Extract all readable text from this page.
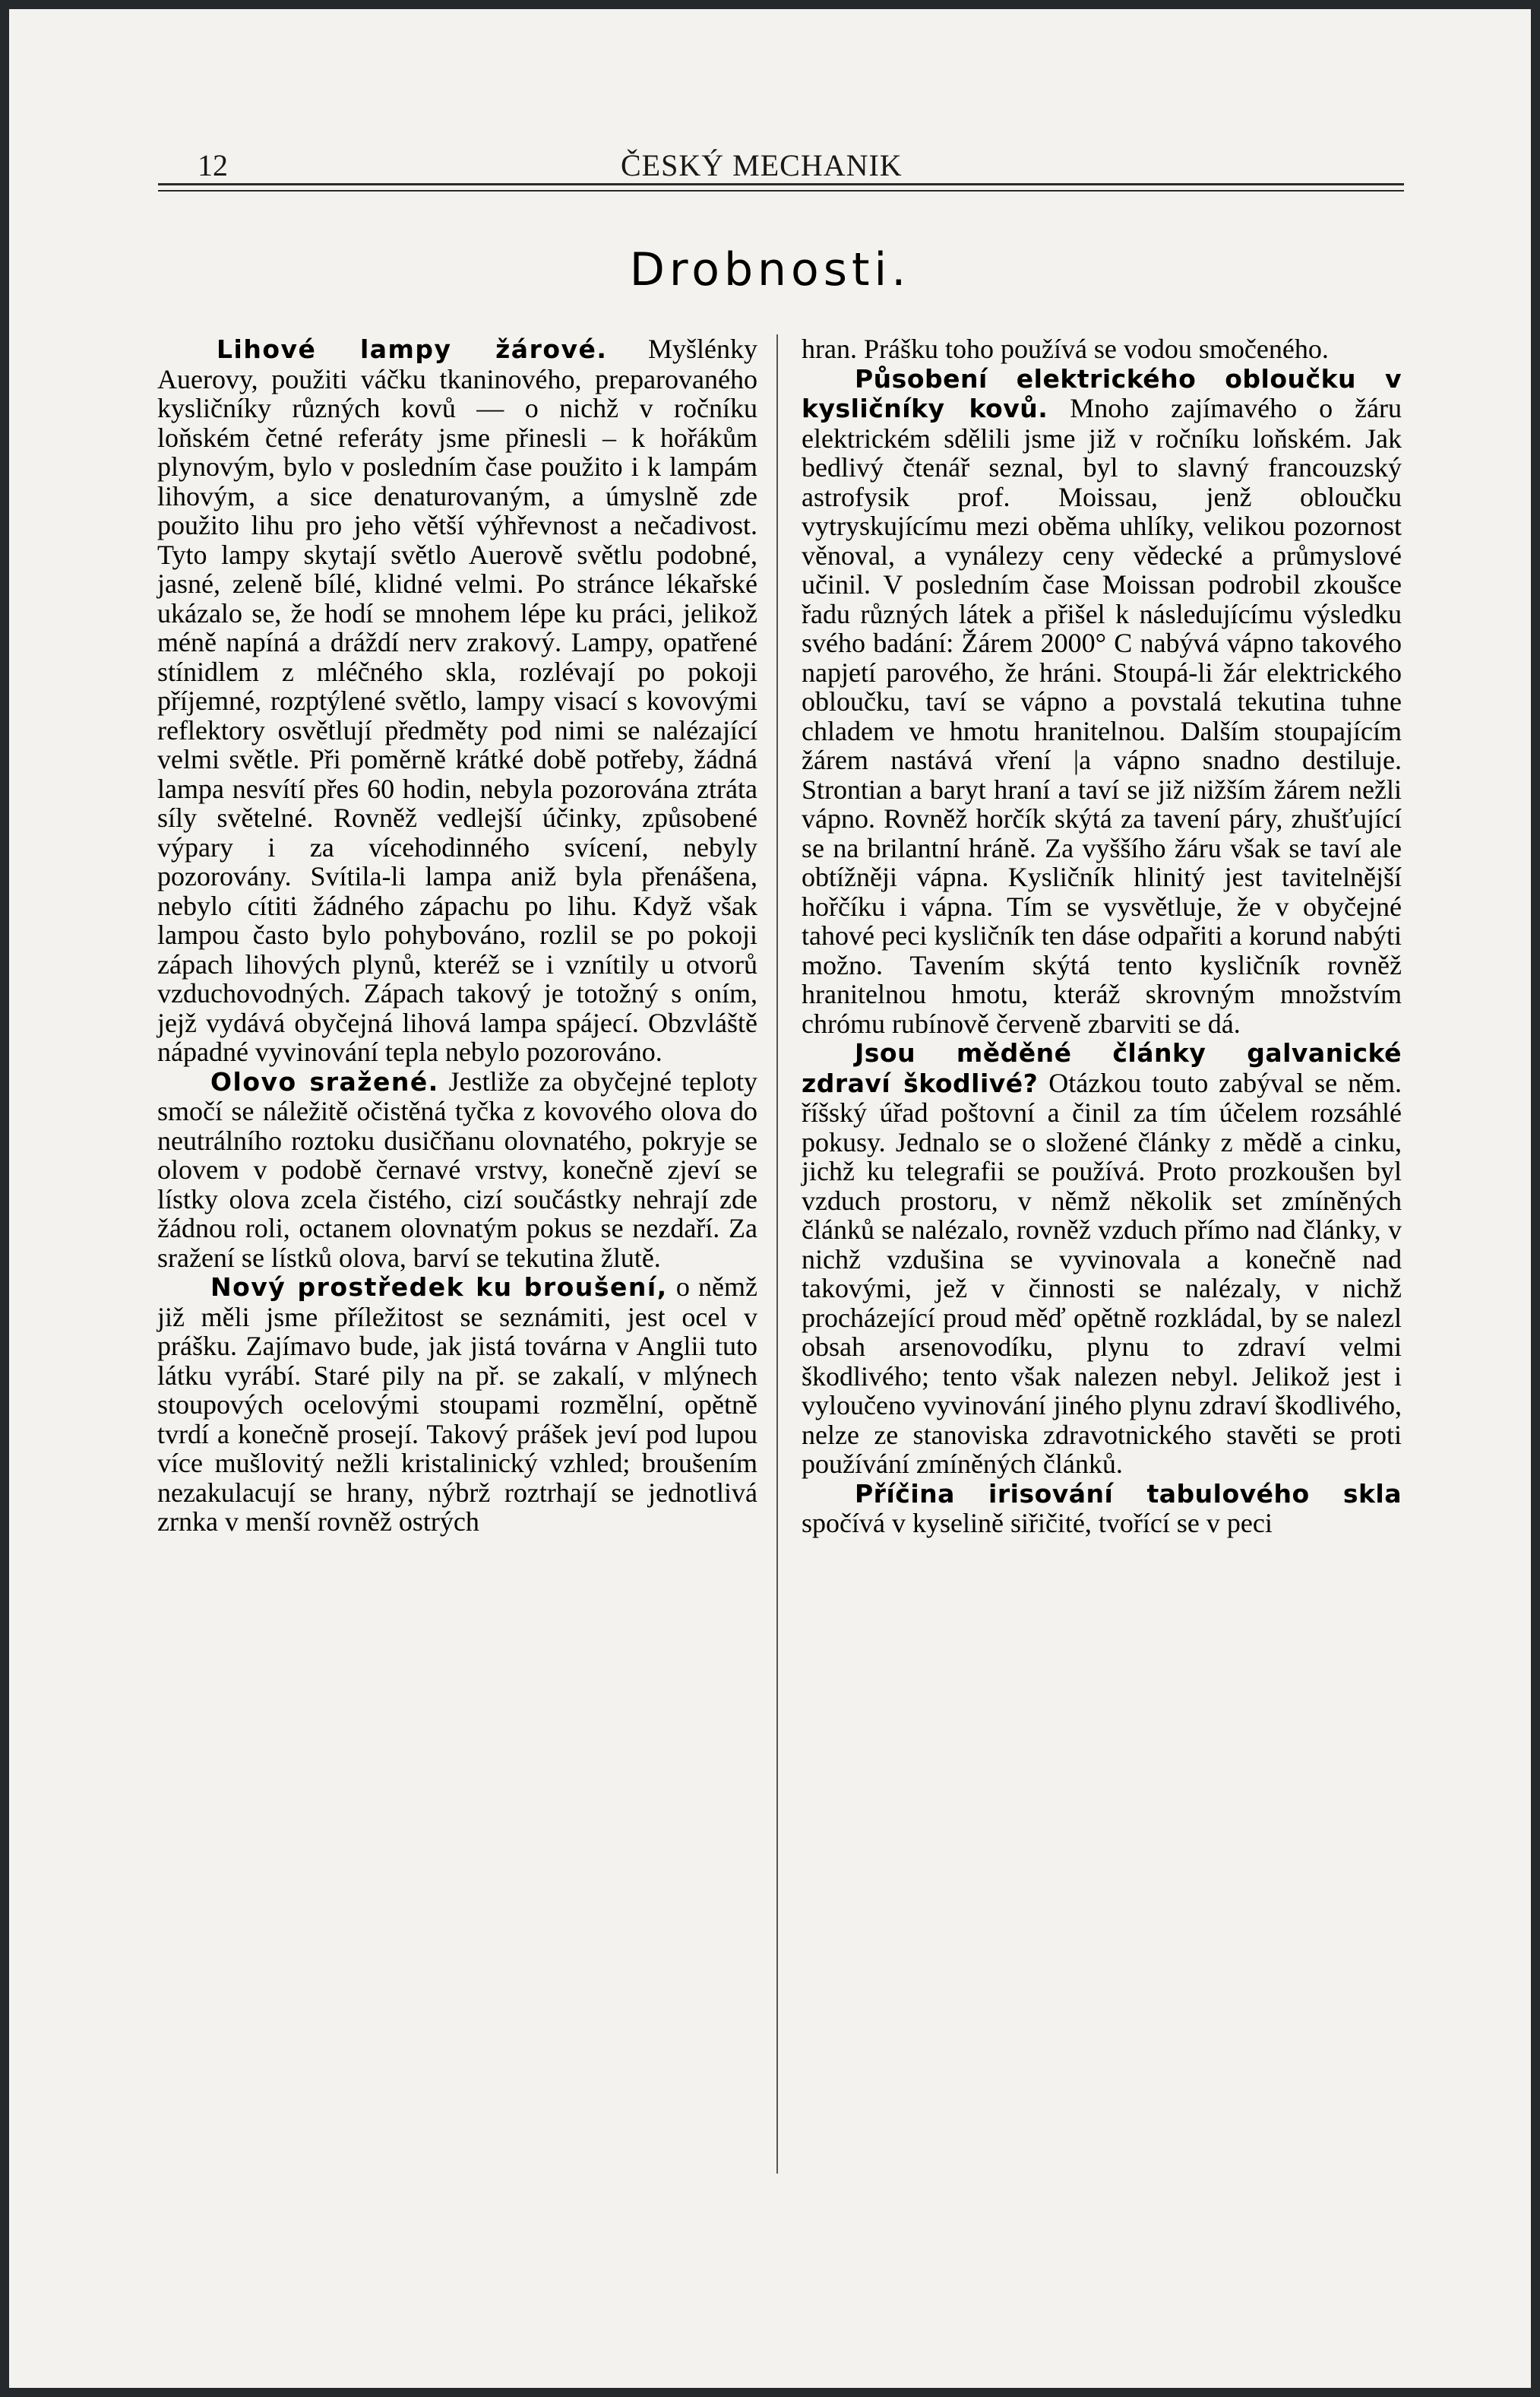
12	ČESKÝ MECHANIK
Drobnosti.

Lihové lampy žárové. Myšlénky Auerovy, použiti váčku tkaninového, preparovaného kysličníky různých kovů — o nichž v ročníku loňském četné referáty jsme přinesli – k hořákům plynovým, bylo v posledním čase použito i k lampám lihovým, a sice denaturovaným, a úmyslně zde použito lihu pro jeho větší výhřevnost a nečadivost. Tyto lampy skytají světlo Auerově světlu podobné, jasné, zeleně bílé, klidné velmi. Po stránce lékařské ukázalo se, že hodí se mnohem lépe ku práci, jelikož méně napíná a dráždí nerv zrakový. Lampy, opatřené stínidlem z mléčného skla, rozlévají po pokoji příjemné, rozptýlené světlo, lampy visací s kovovými reflektory osvětlují předměty pod nimi se nalézající velmi světle. Při poměrně krátké době potřeby, žádná lampa nesvítí přes 60 hodin, nebyla pozorována ztráta síly světelné. Rovněž vedlejší účinky, způsobené výpary i za vícehodinného svícení, nebyly pozorovány. Svítila-li lampa aniž byla přenášena, nebylo cítiti žádného zápachu po lihu. Když však lampou často bylo pohybováno, rozlil se po pokoji zápach lihových plynů, kteréž se i vznítily u otvorů vzduchovodných. Zápach takový je totožný s oním, jejž vydává obyčejná lihová lampa spájecí. Obzvláště nápadné vyvinování tepla nebylo pozorováno.

Olovo sražené. Jestliže za obyčejné teploty smočí se náležitě očistěná tyčka z kovového olova do neutrálního roztoku dusičňanu olovnatého, pokryje se olovem v podobě černavé vrstvy, konečně zjeví se lístky olova zcela čistého, cizí součástky nehrají zde žádnou roli, octanem olovnatým pokus se nezdaří. Za sražení se lístků olova, barví se tekutina žlutě.

Nový prostředek ku broušení, o němž již měli jsme příležitost se seznámiti, jest ocel v prášku. Zajímavo bude, jak jistá továrna v Anglii tuto látku vyrábí. Staré pily na př. se zakalí, v mlýnech stoupových ocelovými stoupami rozmělní, opětně tvrdí a konečně prosejí. Takový prášek jeví pod lupou více mušlovitý nežli kristalinický vzhled; broušením nezakulacují se hrany, nýbrž roztrhají se jednotlivá zrnka v menší rovněž ostrých

hran. Prášku toho používá se vodou smočeného.

Působení elektrického obloučku v kysličníky kovů. Mnoho zajímavého o žáru elektrickém sdělili jsme již v ročníku loňském. Jak bedlivý čtenář seznal, byl to slavný francouzský astrofysik prof. Moissau, jenž obloučku vytryskujícímu mezi oběma uhlíky, velikou pozornost věnoval, a vynálezy ceny vědecké a průmyslové učinil. V posledním čase Moissan podrobil zkoušce řadu různých látek a přišel k následujícímu výsledku svého badání: Žárem 2000° C nabývá vápno takového napjetí parového, že hráni. Stoupá-li žár elektrického obloučku, taví se vápno a povstalá tekutina tuhne chladem ve hmotu hranitelnou. Dalším stoupajícím žárem nastává vření |a vápno snadno destiluje. Strontian a baryt hraní a taví se již nižším žárem nežli vápno. Rovněž horčík skýtá za tavení páry, zhušťující se na brilantní hráně. Za vyššího žáru však se taví ale obtížněji vápna. Kysličník hlinitý jest tavitelnější hořčíku i vápna. Tím se vysvětluje, že v obyčejné tahové peci kysličník ten dáse odpařiti a korund nabýti možno. Tavením skýtá tento kysličník rovněž hranitelnou hmotu, kteráž skrovným množstvím chrómu rubínově červeně zbarviti se dá.

Jsou měděné články galvanické zdraví škodlivé? Otázkou touto zabýval se něm. říšský úřad poštovní a činil za tím účelem rozsáhlé pokusy. Jednalo se o složené články z mědě a cinku, jichž ku telegrafii se používá. Proto prozkoušen byl vzduch prostoru, v němž několik set zmíněných článků se nalézalo, rovněž vzduch přímo nad články, v nichž vzdušina se vyvinovala a konečně nad takovými, jež v činnosti se nalézaly, v nichž procházející proud měď opětně rozkládal, by se nalezl obsah arsenovodíku, plynu to zdraví velmi škodlivého; tento však nalezen nebyl. Jelikož jest i vyloučeno vyvinování jiného plynu zdraví škodlivého, nelze ze stanoviska zdravotnického stavěti se proti používání zmíněných článků.

Příčina irisování tabulového skla spočívá v kyselině siřičité, tvořící se v peci
